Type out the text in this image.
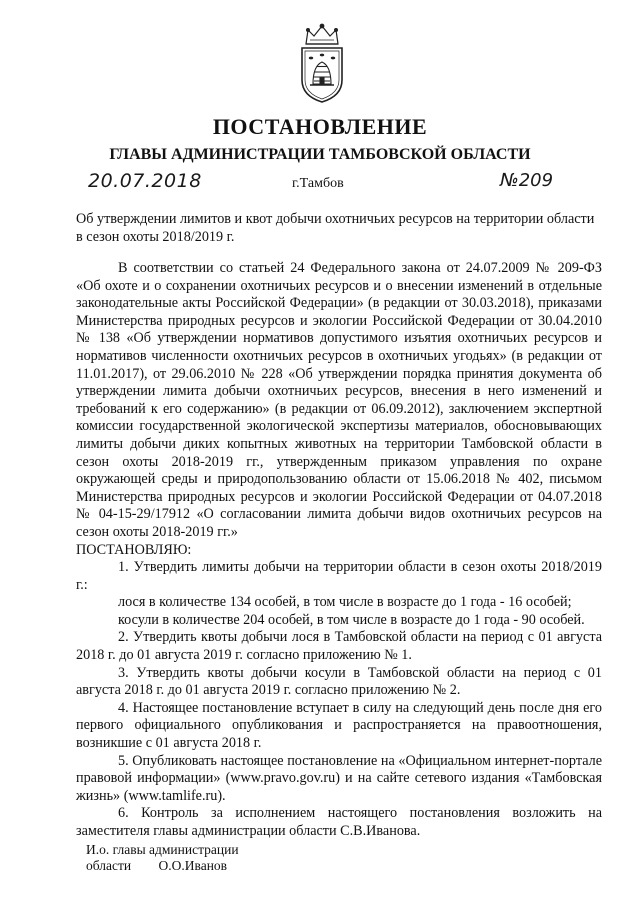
ПОСТАНОВЛЕНИЕ
ГЛАВЫ АДМИНИСТРАЦИИ ТАМБОВСКОЙ ОБЛАСТИ
20.07.2018	г.Тамбов	№209
Об утверждении лимитов и квот добычи охотничьих ресурсов на территории области в сезон охоты 2018/2019 г.

В соответствии со статьей 24 Федерального закона от 24.07.2009 № 209-ФЗ «Об охоте и о сохранении охотничьих ресурсов и о внесении изменений в отдельные законодательные акты Российской Федерации» (в редакции от 30.03.2018), приказами Министерства природных ресурсов и экологии Российской Федерации от 30.04.2010 № 138 «Об утверждении нормативов допустимого изъятия охотничьих ресурсов и нормативов численности охотничьих ресурсов в охотничьих угодьях» (в редакции от 11.01.2017), от 29.06.2010 № 228 «Об утверждении порядка принятия документа об утверждении лимита добычи охотничьих ресурсов, внесения в него изменений и требований к его содержанию» (в редакции от 06.09.2012), заключением экспертной комиссии государственной экологической экспертизы материалов, обосновывающих лимиты добычи диких копытных животных на территории Тамбовской области в сезон охоты 2018-2019 гг., утвержденным приказом управления по охране окружающей среды и природопользованию области от 15.06.2018 № 402, письмом Министерства природных ресурсов и экологии Российской Федерации от 04.07.2018 № 04-15-29/17912 «О согласовании лимита добычи видов охотничьих ресурсов на сезон охоты 2018-2019 гг.»

ПОСТАНОВЛЯЮ:

1. Утвердить лимиты добычи на территории области в сезон охоты 2018/2019 г.:

лося в количестве 134 особей, в том числе в возрасте до 1 года - 16 особей;

косули в количестве 204 особей, в том числе в возрасте до 1 года - 90 особей.

2. Утвердить квоты добычи лося в Тамбовской области на период с 01 августа 2018 г. до 01 августа 2019 г. согласно приложению № 1.

3. Утвердить квоты добычи косули в Тамбовской области на период с 01 августа 2018 г. до 01 августа 2019 г. согласно приложению № 2.

4. Настоящее постановление вступает в силу на следующий день после дня его первого официального опубликования и распространяется на правоотношения, возникшие с 01 августа 2018 г.

5. Опубликовать настоящее постановление на «Официальном интернет-портале правовой информации» (www.pravo.gov.ru) и на сайте сетевого издания «Тамбовская жизнь» (www.tamlife.ru).

6. Контроль за исполнением настоящего постановления возложить на заместителя главы администрации области С.В.Иванова.

И.о. главы администрации
области О.О.Иванов
